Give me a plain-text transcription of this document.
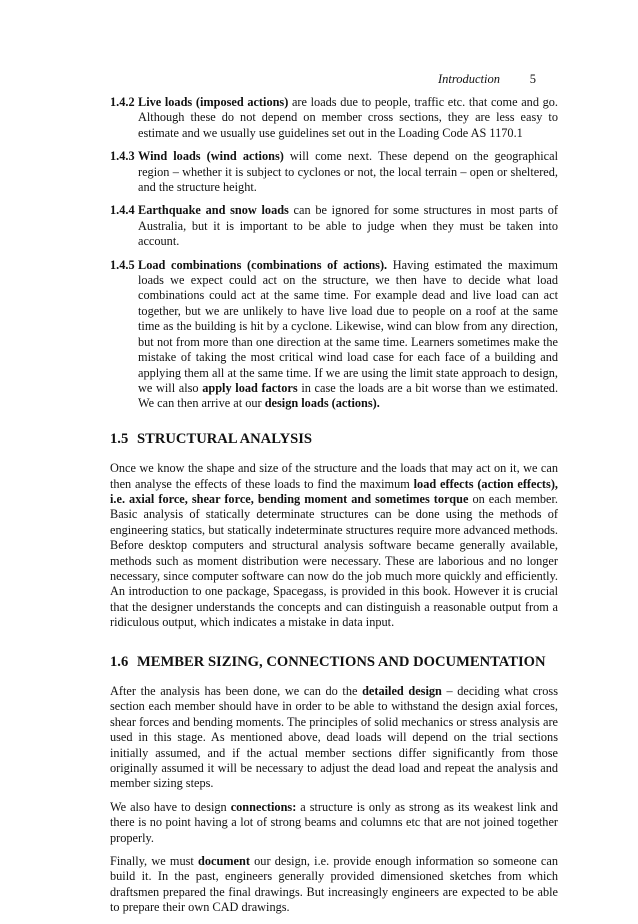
Introduction 5
1.4.2 Live loads (imposed actions) are loads due to people, traffic etc. that come and go. Although these do not depend on member cross sections, they are less easy to estimate and we usually use guidelines set out in the Loading Code AS 1170.1
1.4.3 Wind loads (wind actions) will come next. These depend on the geographical region – whether it is subject to cyclones or not, the local terrain – open or sheltered, and the structure height.
1.4.4 Earthquake and snow loads can be ignored for some structures in most parts of Australia, but it is important to be able to judge when they must be taken into account.
1.4.5 Load combinations (combinations of actions). Having estimated the maximum loads we expect could act on the structure, we then have to decide what load combinations could act at the same time. For example dead and live load can act together, but we are unlikely to have live load due to people on a roof at the same time as the building is hit by a cyclone. Likewise, wind can blow from any direction, but not from more than one direction at the same time. Learners sometimes make the mistake of taking the most critical wind load case for each face of a building and applying them all at the same time. If we are using the limit state approach to design, we will also apply load factors in case the loads are a bit worse than we estimated. We can then arrive at our design loads (actions).
1.5 STRUCTURAL ANALYSIS

Once we know the shape and size of the structure and the loads that may act on it, we can then analyse the effects of these loads to find the maximum load effects (action effects), i.e. axial force, shear force, bending moment and sometimes torque on each member. Basic analysis of statically determinate structures can be done using the methods of engineering statics, but statically indeterminate structures require more advanced methods. Before desktop computers and structural analysis software became generally available, methods such as moment distribution were necessary. These are laborious and no longer necessary, since computer software can now do the job much more quickly and efficiently. An introduction to one package, Spacegass, is provided in this book. However it is crucial that the designer understands the concepts and can distinguish a reasonable output from a ridiculous output, which indicates a mistake in data input.

1.6 MEMBER SIZING, CONNECTIONS AND DOCUMENTATION

After the analysis has been done, we can do the detailed design – deciding what cross section each member should have in order to be able to withstand the design axial forces, shear forces and bending moments. The principles of solid mechanics or stress analysis are used in this stage. As mentioned above, dead loads will depend on the trial sections initially assumed, and if the actual member sections differ significantly from those originally assumed it will be necessary to adjust the dead load and repeat the analysis and member sizing steps.

We also have to design connections: a structure is only as strong as its weakest link and there is no point having a lot of strong beams and columns etc that are not joined together properly.

Finally, we must document our design, i.e. provide enough information so someone can build it. In the past, engineers generally provided dimensioned sketches from which draftsmen prepared the final drawings. But increasingly engineers are expected to be able to prepare their own CAD drawings.
